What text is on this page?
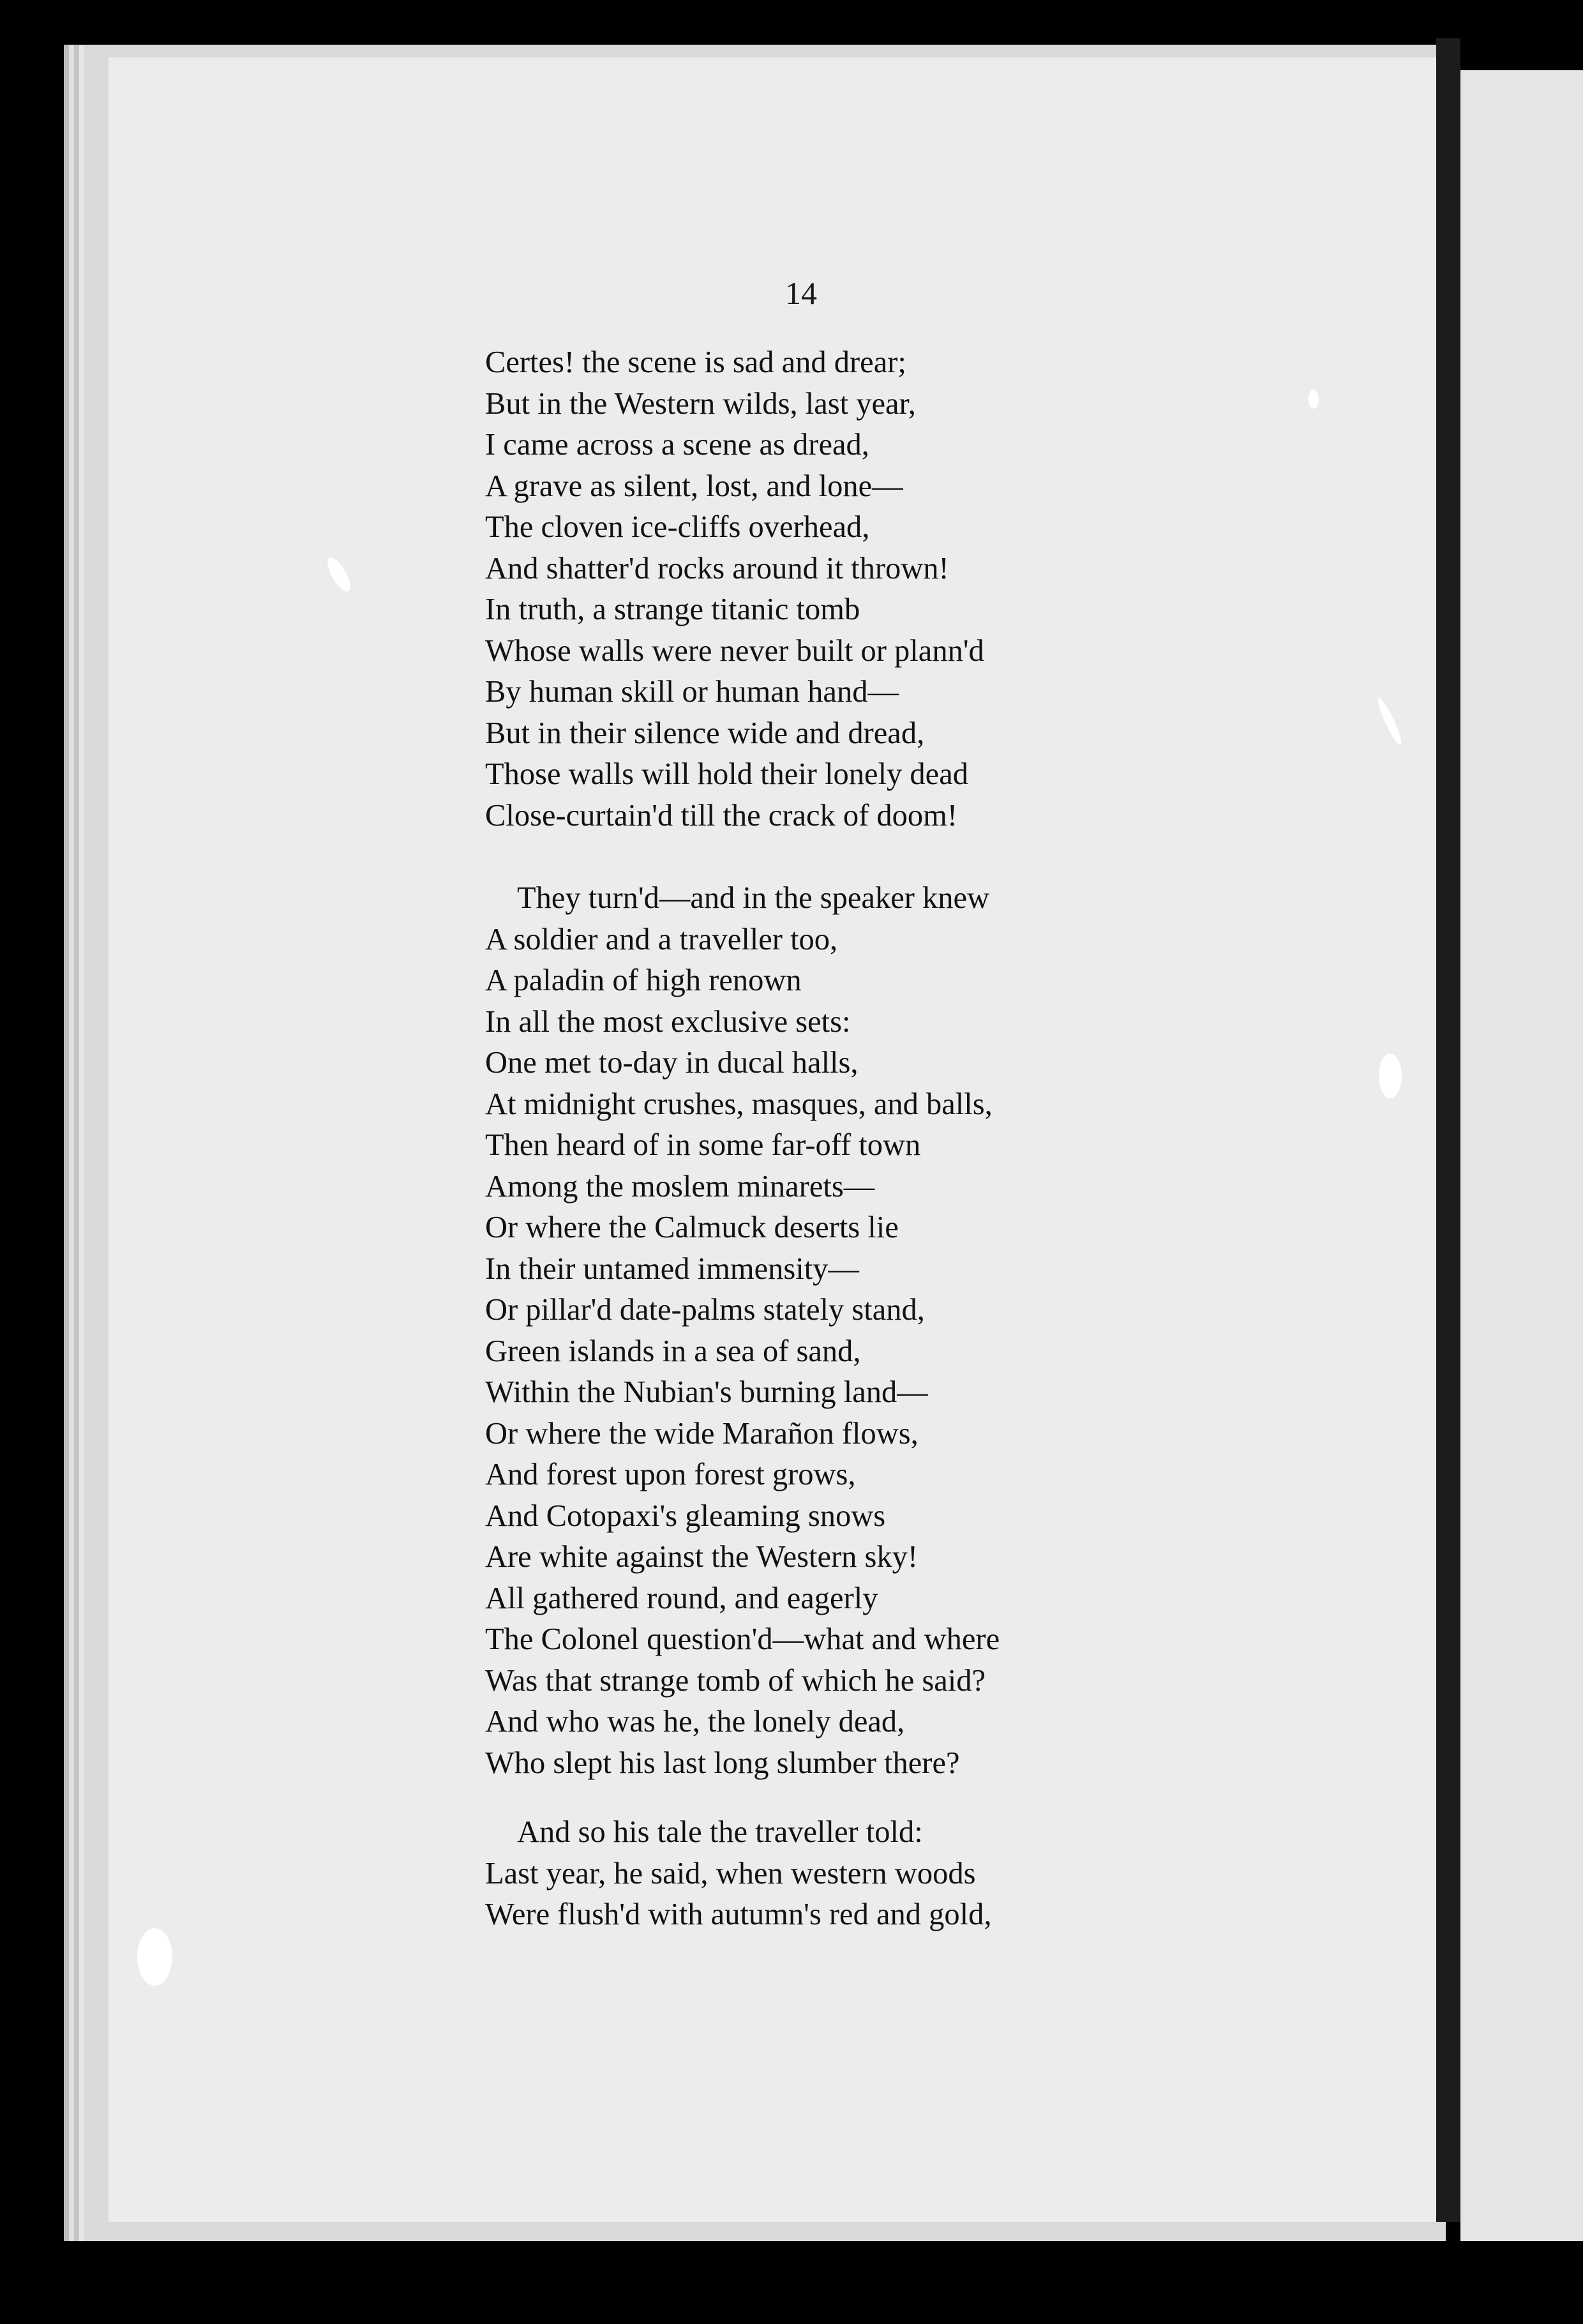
14
Certes! the scene is sad and drear;
But in the Western wilds, last year,
I came across a scene as dread,
A grave as silent, lost, and lone—
The cloven ice-cliffs overhead,
And shatter'd rocks around it thrown!
In truth, a strange titanic tomb
Whose walls were never built or plann'd
By human skill or human hand—
But in their silence wide and dread,
Those walls will hold their lonely dead
Close-curtain'd till the crack of doom!
They turn'd—and in the speaker knew
A soldier and a traveller too,
A paladin of high renown
In all the most exclusive sets:
One met to-day in ducal halls,
At midnight crushes, masques, and balls,
Then heard of in some far-off town
Among the moslem minarets—
Or where the Calmuck deserts lie
In their untamed immensity—
Or pillar'd date-palms stately stand,
Green islands in a sea of sand,
Within the Nubian's burning land—
Or where the wide Marañon flows,
And forest upon forest grows,
And Cotopaxi's gleaming snows
Are white against the Western sky!
All gathered round, and eagerly
The Colonel question'd—what and where
Was that strange tomb of which he said?
And who was he, the lonely dead,
Who slept his last long slumber there?
And so his tale the traveller told:
Last year, he said, when western woods
Were flush'd with autumn's red and gold,
